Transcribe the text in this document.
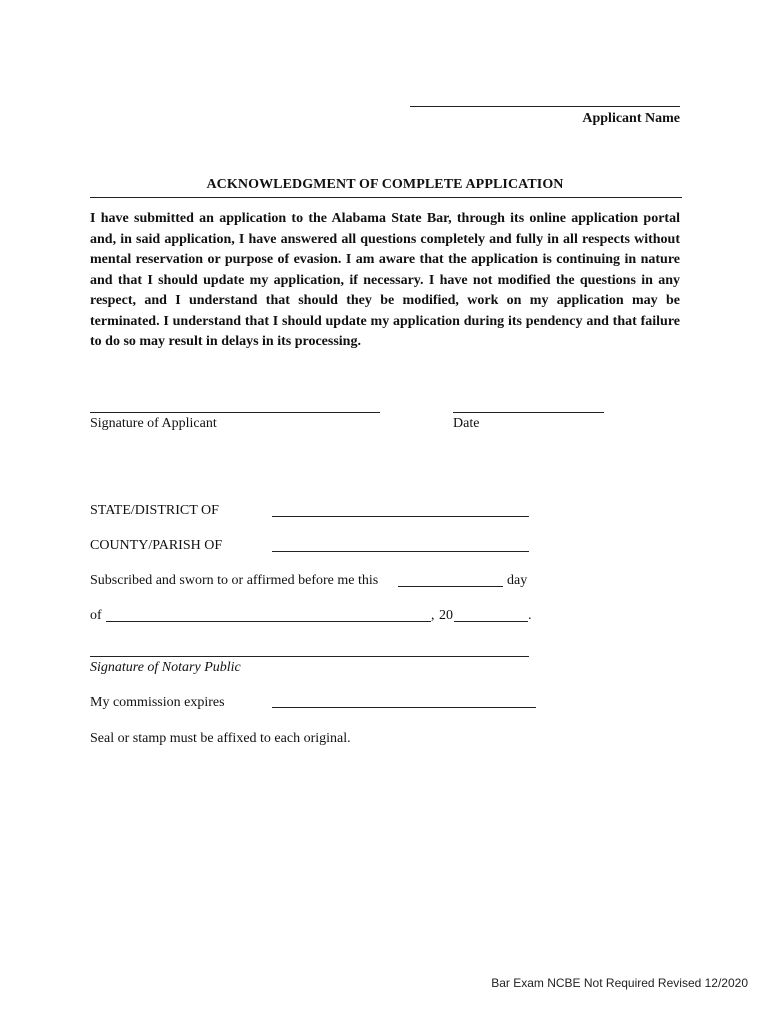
Applicant Name
ACKNOWLEDGMENT OF COMPLETE APPLICATION
I have submitted an application to the Alabama State Bar, through its online application portal and, in said application, I have answered all questions completely and fully in all respects without mental reservation or purpose of evasion. I am aware that the application is continuing in nature and that I should update my application, if necessary. I have not modified the questions in any respect, and I understand that should they be modified, work on my application may be terminated. I understand that I should update my application during its pendency and that failure to do so may result in delays in its processing.
Signature of Applicant	Date
STATE/DISTRICT OF
COUNTY/PARISH OF
Subscribed and sworn to or affirmed before me this	day
of	, 20	.
Signature of Notary Public
My commission expires
Seal or stamp must be affixed to each original.
Bar Exam NCBE Not Required Revised 12/2020
